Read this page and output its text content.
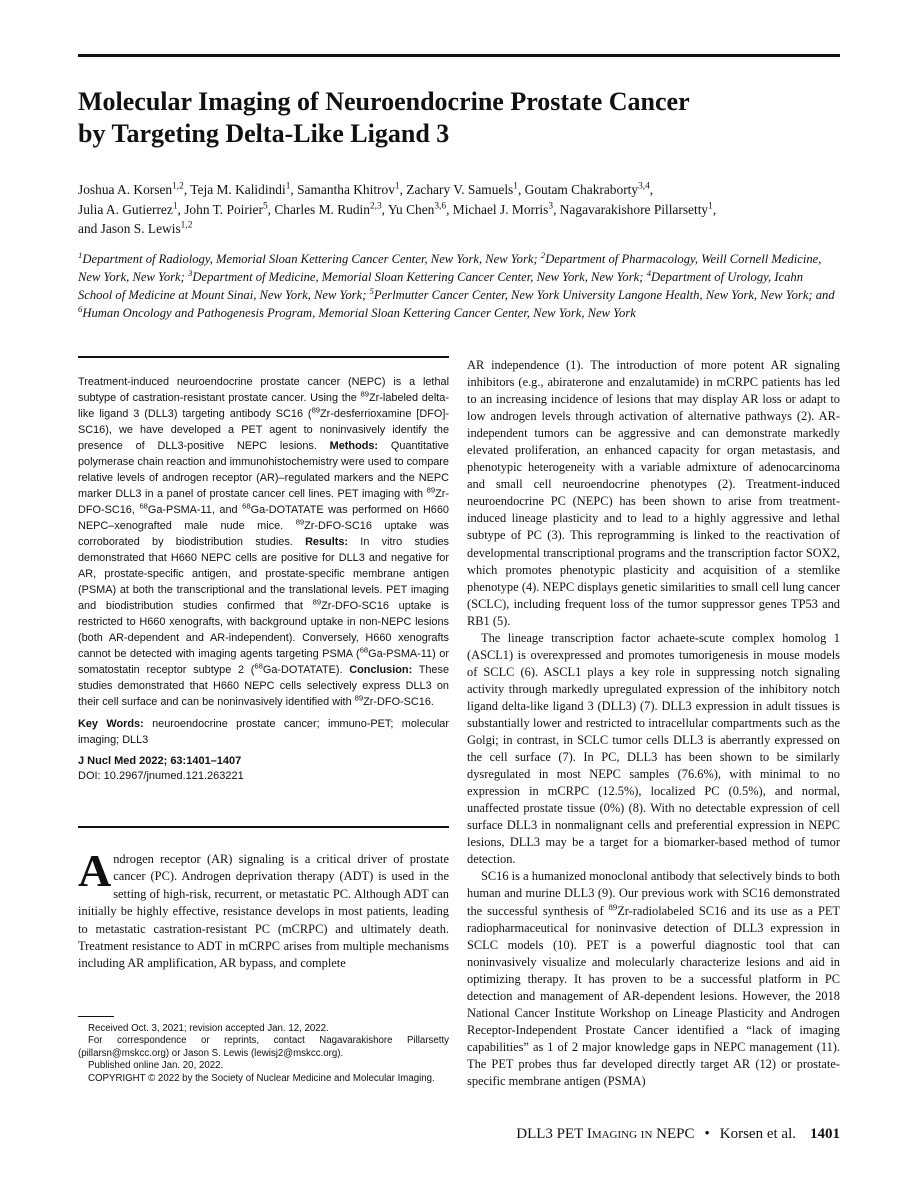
Molecular Imaging of Neuroendocrine Prostate Cancer
by Targeting Delta-Like Ligand 3
Joshua A. Korsen$^{1,2}$, Teja M. Kalidindi$^1$, Samantha Khitrov$^1$, Zachary V. Samuels$^1$, Goutam Chakraborty$^{3,4}$,
Julia A. Gutierrez$^1$, John T. Poirier$^5$, Charles M. Rudin$^{2,3}$, Yu Chen$^{3,6}$, Michael J. Morris$^3$, Nagavarakishore Pillarsetty$^1$,
and Jason S. Lewis$^{1,2}$
$^1$Department of Radiology, Memorial Sloan Kettering Cancer Center, New York, New York; $^2$Department of Pharmacology, Weill Cornell Medicine, New York, New York; $^3$Department of Medicine, Memorial Sloan Kettering Cancer Center, New York, New York; $^4$Department of Urology, Icahn School of Medicine at Mount Sinai, New York, New York; $^5$Perlmutter Cancer Center, New York University Langone Health, New York, New York; and $^6$Human Oncology and Pathogenesis Program, Memorial Sloan Kettering Cancer Center, New York, New York

Treatment-induced neuroendocrine prostate cancer (NEPC) is a lethal subtype of castration-resistant prostate cancer. Using the $^{89}$Zr-labeled delta-like ligand 3 (DLL3) targeting antibody SC16 ($^{89}$Zr-desferrioxamine [DFO]-SC16), we have developed a PET agent to noninvasively identify the presence of DLL3-positive NEPC lesions. Methods: Quantitative polymerase chain reaction and immunohistochemistry were used to compare relative levels of androgen receptor (AR)–regulated markers and the NEPC marker DLL3 in a panel of prostate cancer cell lines. PET imaging with $^{89}$Zr-DFO-SC16, $^{68}$Ga-PSMA-11, and $^{68}$Ga-DOTATATE was performed on H660 NEPC–xenografted male nude mice. $^{89}$Zr-DFO-SC16 uptake was corroborated by biodistribution studies. Results: In vitro studies demonstrated that H660 NEPC cells are positive for DLL3 and negative for AR, prostate-specific antigen, and prostate-specific membrane antigen (PSMA) at both the transcriptional and the translational levels. PET imaging and biodistribution studies confirmed that $^{89}$Zr-DFO-SC16 uptake is restricted to H660 xenografts, with background uptake in non-NEPC lesions (both AR-dependent and AR-independent). Conversely, H660 xenografts cannot be detected with imaging agents targeting PSMA ($^{68}$Ga-PSMA-11) or somatostatin receptor subtype 2 ($^{68}$Ga-DOTATATE). Conclusion: These studies demonstrated that H660 NEPC cells selectively express DLL3 on their cell surface and can be noninvasively identified with $^{89}$Zr-DFO-SC16.

Key Words: neuroendocrine prostate cancer; immuno-PET; molecular imaging; DLL3

J Nucl Med 2022; 63:1401–1407
DOI: 10.2967/jnumed.121.263221
Androgen receptor (AR) signaling is a critical driver of prostate cancer (PC). Androgen deprivation therapy (ADT) is used in the setting of high-risk, recurrent, or metastatic PC. Although ADT can initially be highly effective, resistance develops in most patients, leading to metastatic castration-resistant PC (mCRPC) and ultimately death. Treatment resistance to ADT in mCRPC arises from multiple mechanisms including AR amplification, AR bypass, and complete
Received Oct. 3, 2021; revision accepted Jan. 12, 2022.
For correspondence or reprints, contact Nagavarakishore Pillarsetty (pillarsn@mskcc.org) or Jason S. Lewis (lewisj2@mskcc.org).
Published online Jan. 20, 2022.
COPYRIGHT © 2022 by the Society of Nuclear Medicine and Molecular Imaging.

AR independence (1). The introduction of more potent AR signaling inhibitors (e.g., abiraterone and enzalutamide) in mCRPC patients has led to an increasing incidence of lesions that may display AR loss or adapt to low androgen levels through activation of alternative pathways (2). AR-independent tumors can be aggressive and can demonstrate markedly elevated proliferation, an enhanced capacity for organ metastasis, and phenotypic heterogeneity with a variable admixture of adenocarcinoma and small cell neuroendocrine phenotypes (2). Treatment-induced neuroendocrine PC (NEPC) has been shown to arise from treatment-induced lineage plasticity and to lead to a highly aggressive and lethal subtype of PC (3). This reprogramming is linked to the reactivation of developmental transcriptional programs and the transcription factor SOX2, which promotes phenotypic plasticity and acquisition of a stemlike phenotype (4). NEPC displays genetic similarities to small cell lung cancer (SCLC), including frequent loss of the tumor suppressor genes TP53 and RB1 (5).

The lineage transcription factor achaete-scute complex homolog 1 (ASCL1) is overexpressed and promotes tumorigenesis in mouse models of SCLC (6). ASCL1 plays a key role in suppressing notch signaling activity through markedly upregulated expression of the inhibitory notch ligand delta-like ligand 3 (DLL3) (7). DLL3 expression in adult tissues is substantially lower and restricted to intracellular compartments such as the Golgi; in contrast, in SCLC tumor cells DLL3 is aberrantly expressed on the cell surface (7). In PC, DLL3 has been shown to be similarly dysregulated in most NEPC samples (76.6%), with minimal to no expression in mCRPC (12.5%), localized PC (0.5%), and normal, unaffected prostate tissue (0%) (8). With no detectable expression of cell surface DLL3 in nonmalignant cells and preferential expression in NEPC lesions, DLL3 may be a target for a biomarker-based method of tumor detection.

SC16 is a humanized monoclonal antibody that selectively binds to both human and murine DLL3 (9). Our previous work with SC16 demonstrated the successful synthesis of $^{89}$Zr-radiolabeled SC16 and its use as a PET radiopharmaceutical for noninvasive detection of DLL3 expression in SCLC models (10). PET is a powerful diagnostic tool that can noninvasively visualize and molecularly characterize lesions and aid in optimizing therapy. It has proven to be a successful platform in PC detection and management of AR-dependent lesions. However, the 2018 National Cancer Institute Workshop on Lineage Plasticity and Androgen Receptor-Independent Prostate Cancer identified a “lack of imaging capabilities” as 1 of 2 major knowledge gaps in NEPC management (11). The PET probes thus far developed directly target AR (12) or prostate-specific membrane antigen (PSMA)

DLL3 PET Imaging in NEPC • Korsen et al. 1401
